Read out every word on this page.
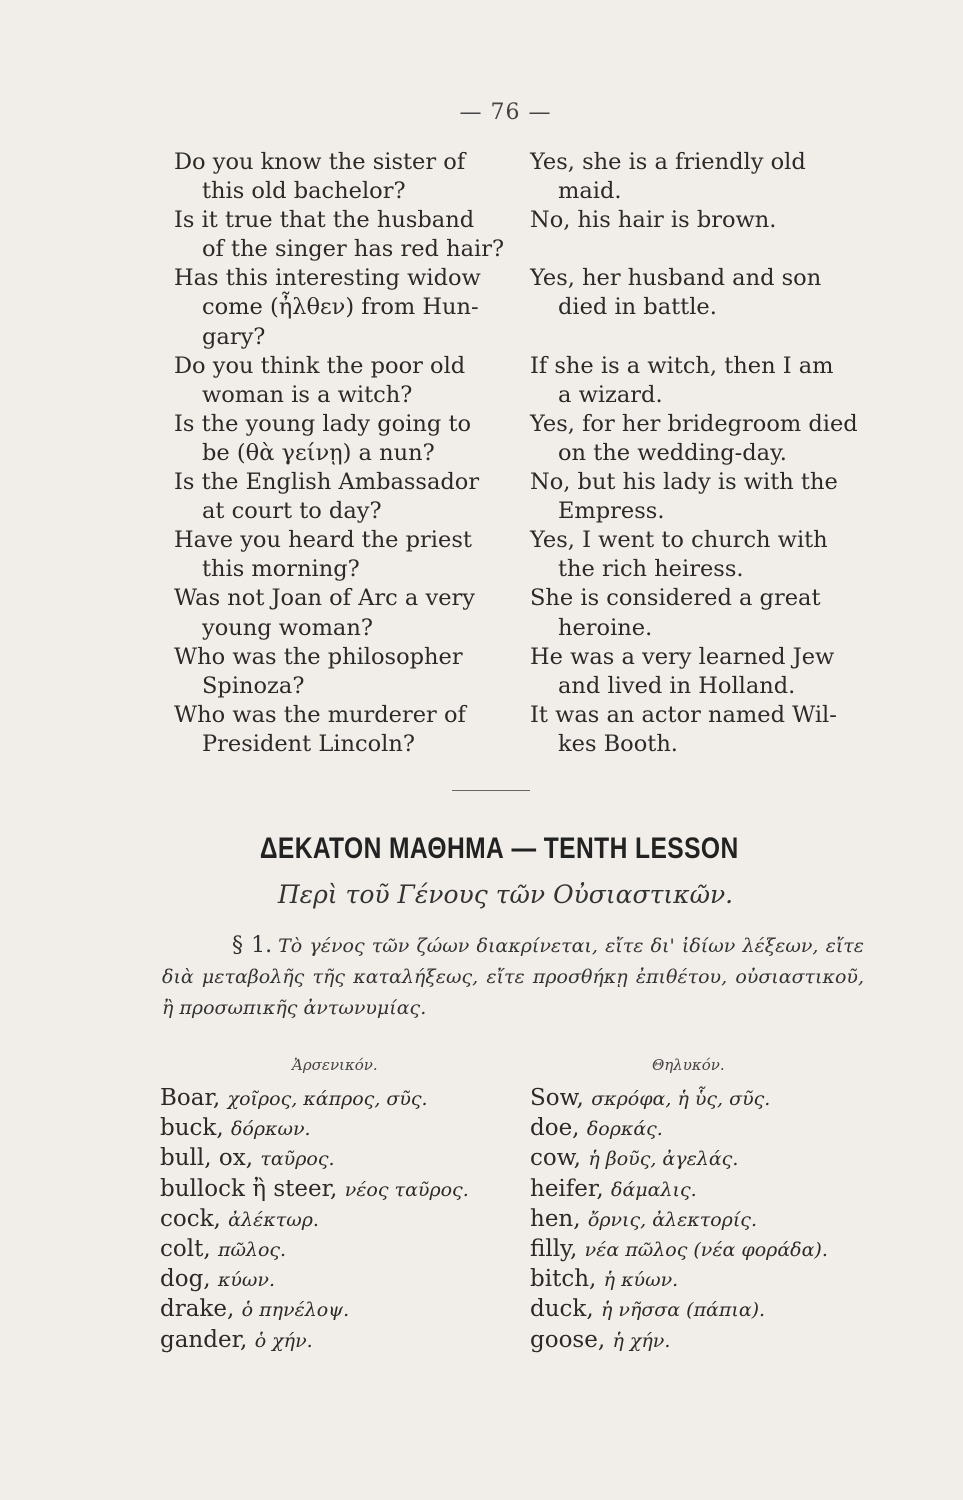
— 76 —
Do you know the sister of
this old bachelor?
Is it true that the husband
of the singer has red hair?
Has this interesting widow
come (ἦλθεν) from Hun-
gary?
Do you think the poor old
woman is a witch?
Is the young lady going to
be (θὰ γείνῃ) a nun?
Is the English Ambassador
at court to day?
Have you heard the priest
this morning?
Was not Joan of Arc a very
young woman?
Who was the philosopher
Spinoza?
Who was the murderer of
President Lincoln?
Yes, she is a friendly old
maid.
No, his hair is brown.
Yes, her husband and son
died in battle.
If she is a witch, then I am
a wizard.
Yes, for her bridegroom died
on the wedding-day.
No, but his lady is with the
Empress.
Yes, I went to church with
the rich heiress.
She is considered a great
heroine.
He was a very learned Jew
and lived in Holland.
It was an actor named Wil-
kes Booth.
ΔΕΚΑΤΟΝ ΜΑΘΗΜΑ — TENTH LESSON
Περὶ τοῦ Γένους τῶν Οὐσιαστικῶν.
§ 1. Τὸ γένος τῶν ζώων διακρίνεται, εἴτε δι' ἰδίων λέξεων, εἴτε διὰ μεταβολῆς τῆς καταλήξεως, εἴτε προσθήκῃ ἐπιθέτου, οὐσιαστικοῦ, ἢ προσωπικῆς ἀντωνυμίας.
Ἀρσενικόν.	Θηλυκόν.
Boar, χοῖρος, κάπρος, σῦς.
buck, δόρκων.
bull, ox, ταῦρος.
bullock ἢ steer, νέος ταῦρος.
cock, ἀλέκτωρ.
colt, πῶλος.
dog, κύων.
drake, ὁ πηνέλοψ.
gander, ὁ χήν.
Sow, σκρόφα, ἡ ὗς, σῦς.
doe, δορκάς.
cow, ἡ βοῦς, ἀγελάς.
heifer, δάμαλις.
hen, ὄρνις, ἀλεκτορίς.
filly, νέα πῶλος (νέα φοράδα).
bitch, ἡ κύων.
duck, ἡ νῆσσα (πάπια).
goose, ἡ χήν.
